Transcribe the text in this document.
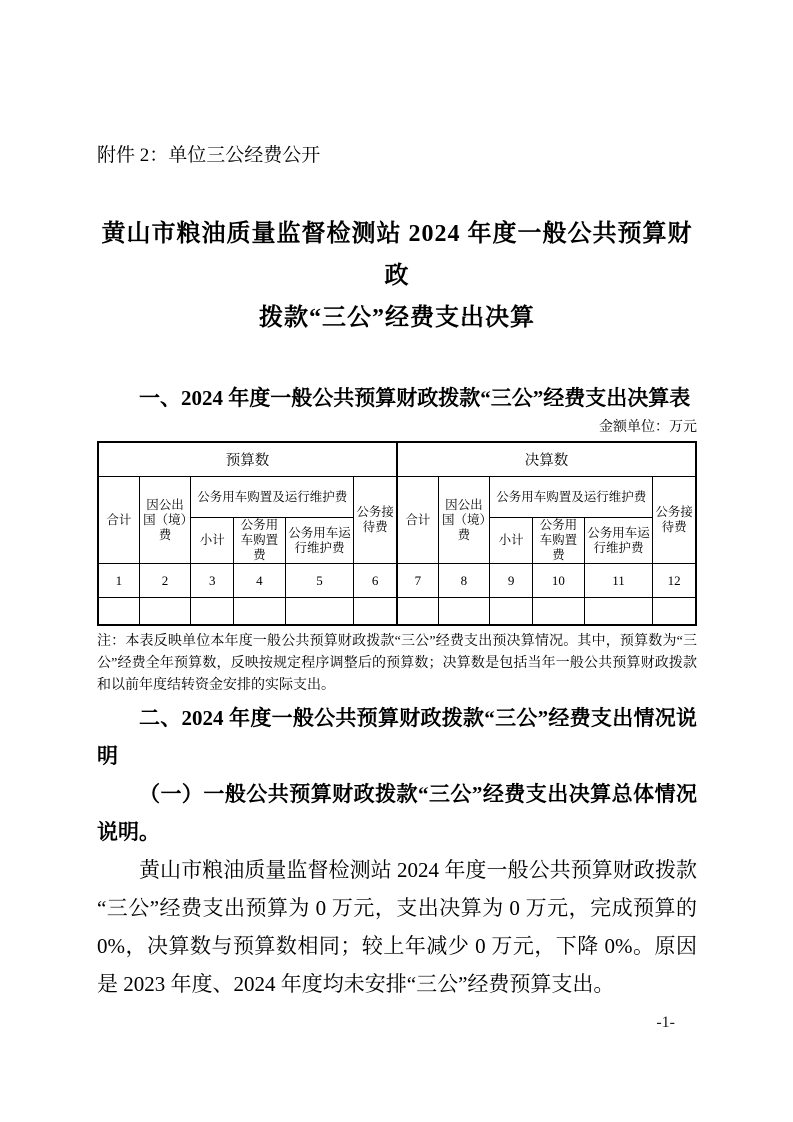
附件 2：单位三公经费公开
黄山市粮油质量监督检测站 2024 年度一般公共预算财政
拨款“三公”经费支出决算
一、2024 年度一般公共预算财政拨款“三公”经费支出决算表
金额单位：万元
预算数						决算数					
合计	因公出国（境）费	公务用车购置及运行维护费			公务接待费	合计	因公出国（境）费	公务用车购置及运行维护费			公务接待费
		小计	公务用车购置费	公务用车运行维护费				小计	公务用车购置费	公务用车运行维护费	
1	2	3	4	5	6	7	8	9	10	11	12

注：本表反映单位本年度一般公共预算财政拨款“三公”经费支出预决算情况。其中，预算数为“三公”经费全年预算数，反映按规定程序调整后的预算数；决算数是包括当年一般公共预算财政拨款和以前年度结转资金安排的实际支出。
二、2024 年度一般公共预算财政拨款“三公”经费支出情况说明
（一）一般公共预算财政拨款“三公”经费支出决算总体情况说明。
黄山市粮油质量监督检测站 2024 年度一般公共预算财政拨款“三公”经费支出预算为 0 万元，支出决算为 0 万元，完成预算的 0%，决算数与预算数相同；较上年减少 0 万元，下降 0%。原因是 2023 年度、2024 年度均未安排“三公”经费预算支出。
-1-
